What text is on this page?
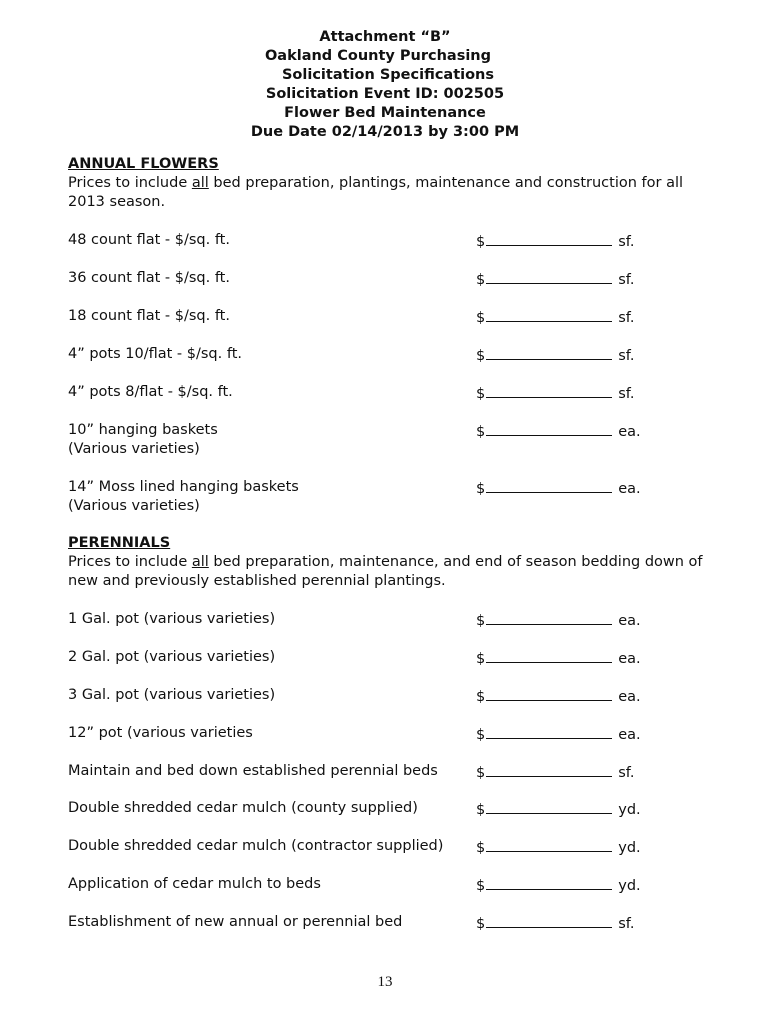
Attachment “B”
Oakland County Purchasing
Solicitation Specifications
Solicitation Event ID: 002505
Flower Bed Maintenance
Due Date 02/14/2013 by 3:00 PM
ANNUAL FLOWERS
Prices to include all bed preparation, plantings, maintenance and construction for all 2013 season.
48 count flat - $/sq. ft.	$	sf.
36 count flat - $/sq. ft.	$	sf.
18 count flat - $/sq. ft.	$	sf.
4” pots 10/flat - $/sq. ft.	$	sf.
4” pots 8/flat - $/sq. ft.	$	sf.
10” hanging baskets
(Various varieties)
$	ea.
14” Moss lined hanging baskets
(Various varieties)
$	ea.
PERENNIALS
Prices to include all bed preparation, maintenance, and end of season bedding down of new and previously established perennial plantings.
1 Gal. pot (various varieties)	$	ea.
2 Gal. pot (various varieties)	$	ea.
3 Gal. pot (various varieties)	$	ea.
12” pot (various varieties	$	ea.
Maintain and bed down established perennial beds	$	sf.
Double shredded cedar mulch (county supplied)	$	yd.
Double shredded cedar mulch (contractor supplied) $	yd.
Application of cedar mulch to beds	$	yd.
Establishment of new annual or perennial bed	$	sf.
13
